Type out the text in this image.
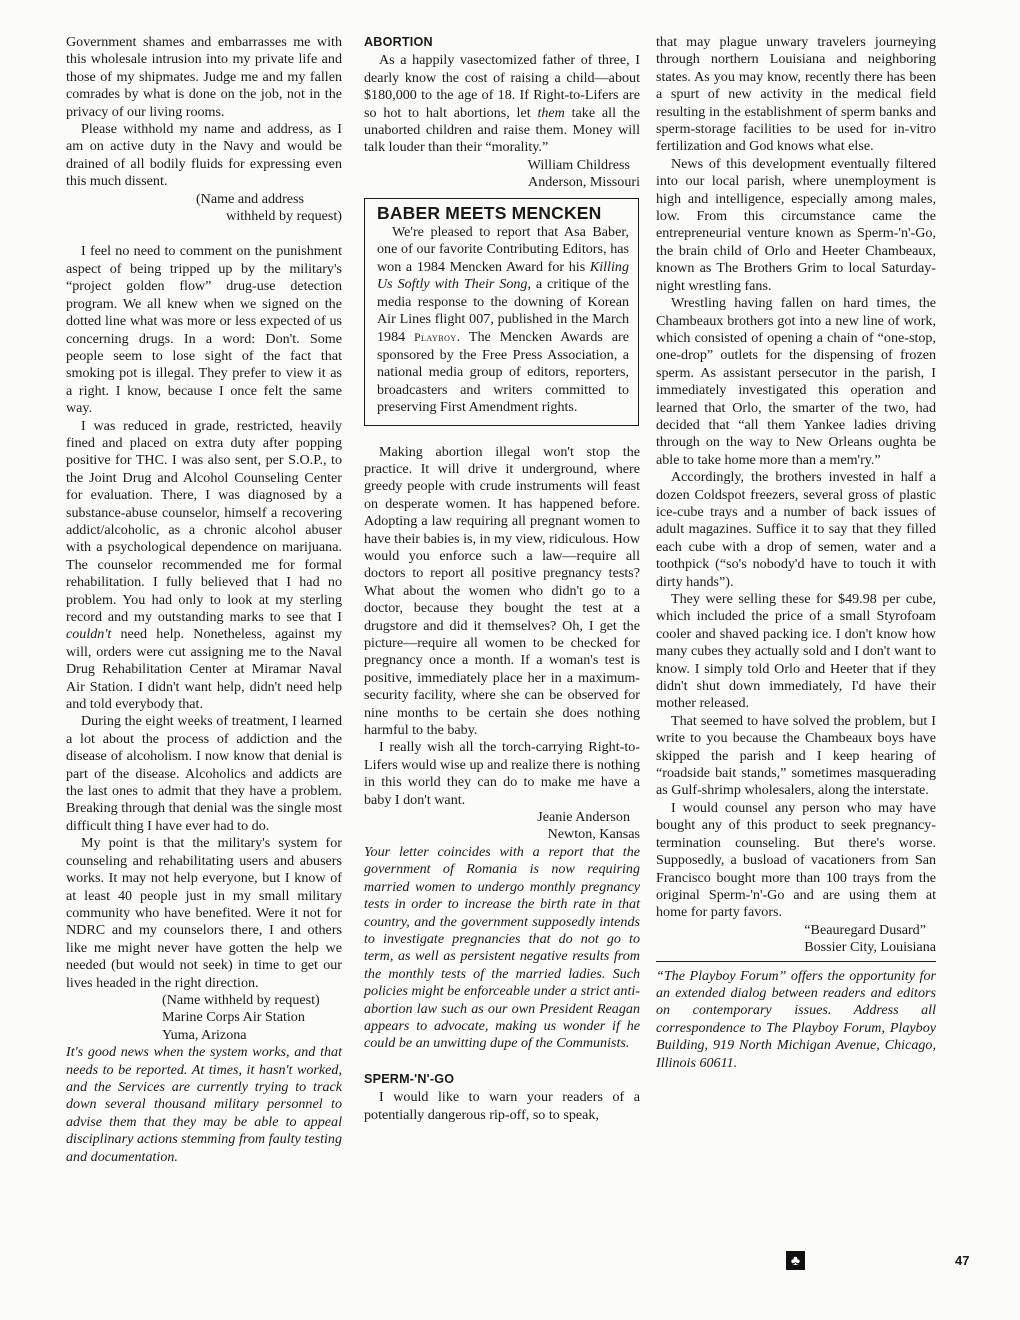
Government shames and embarrasses me with this wholesale intrusion into my private life and those of my shipmates. Judge me and my fallen comrades by what is done on the job, not in the privacy of our living rooms.

Please withhold my name and address, as I am on active duty in the Navy and would be drained of all bodily fluids for expressing even this much dissent.

(Name and address

withheld by request)

I feel no need to comment on the punishment aspect of being tripped up by the military's “project golden flow” drug-use detection program. We all knew when we signed on the dotted line what was more or less expected of us concerning drugs. In a word: Don't. Some people seem to lose sight of the fact that smoking pot is illegal. They prefer to view it as a right. I know, because I once felt the same way.

I was reduced in grade, restricted, heavily fined and placed on extra duty after popping positive for THC. I was also sent, per S.O.P., to the Joint Drug and Alcohol Counseling Center for evaluation. There, I was diagnosed by a substance-abuse counselor, himself a recovering addict/alcoholic, as a chronic alcohol abuser with a psychological dependence on marijuana. The counselor recommended me for formal rehabilitation. I fully believed that I had no problem. You had only to look at my sterling record and my outstanding marks to see that I couldn't need help. Nonetheless, against my will, orders were cut assigning me to the Naval Drug Rehabilitation Center at Miramar Naval Air Station. I didn't want help, didn't need help and told everybody that.

During the eight weeks of treatment, I learned a lot about the process of addiction and the disease of alcoholism. I now know that denial is part of the disease. Alcoholics and addicts are the last ones to admit that they have a problem. Breaking through that denial was the single most difficult thing I have ever had to do.

My point is that the military's system for counseling and rehabilitating users and abusers works. It may not help everyone, but I know of at least 40 people just in my small military community who have benefited. Were it not for NDRC and my counselors there, I and others like me might never have gotten the help we needed (but would not seek) in time to get our lives headed in the right direction.

(Name withheld by request)

Marine Corps Air Station

Yuma, Arizona

It's good news when the system works, and that needs to be reported. At times, it hasn't worked, and the Services are currently trying to track down several thousand military personnel to advise them that they may be able to appeal disciplinary actions stemming from faulty testing and documentation.

ABORTION

As a happily vasectomized father of three, I dearly know the cost of raising a child—about $180,000 to the age of 18. If Right-to-Lifers are so hot to halt abortions, let them take all the unaborted children and raise them. Money will talk louder than their “morality.”

William Childress

Anderson, Missouri

BABER MEETS MENCKEN

We're pleased to report that Asa Baber, one of our favorite Contributing Editors, has won a 1984 Mencken Award for his Killing Us Softly with Their Song, a critique of the media response to the downing of Korean Air Lines flight 007, published in the March 1984 Playboy. The Mencken Awards are sponsored by the Free Press Association, a national media group of editors, reporters, broadcasters and writers committed to preserving First Amendment rights.

Making abortion illegal won't stop the practice. It will drive it underground, where greedy people with crude instruments will feast on desperate women. It has happened before. Adopting a law requiring all pregnant women to have their babies is, in my view, ridiculous. How would you enforce such a law—require all doctors to report all positive pregnancy tests? What about the women who didn't go to a doctor, because they bought the test at a drugstore and did it themselves? Oh, I get the picture—require all women to be checked for pregnancy once a month. If a woman's test is positive, immediately place her in a maximum-security facility, where she can be observed for nine months to be certain she does nothing harmful to the baby.

I really wish all the torch-carrying Right-to-Lifers would wise up and realize there is nothing in this world they can do to make me have a baby I don't want.

Jeanie Anderson

Newton, Kansas

Your letter coincides with a report that the government of Romania is now requiring married women to undergo monthly pregnancy tests in order to increase the birth rate in that country, and the government supposedly intends to investigate pregnancies that do not go to term, as well as persistent negative results from the monthly tests of the married ladies. Such policies might be enforceable under a strict anti-abortion law such as our own President Reagan appears to advocate, making us wonder if he could be an unwitting dupe of the Communists.

SPERM-'N'-GO

I would like to warn your readers of a potentially dangerous rip-off, so to speak,

that may plague unwary travelers journeying through northern Louisiana and neighboring states. As you may know, recently there has been a spurt of new activity in the medical field resulting in the establishment of sperm banks and sperm-storage facilities to be used for in-vitro fertilization and God knows what else.

News of this development eventually filtered into our local parish, where unemployment is high and intelligence, especially among males, low. From this circumstance came the entrepreneurial venture known as Sperm-'n'-Go, the brain child of Orlo and Heeter Chambeaux, known as The Brothers Grim to local Saturday-night wrestling fans.

Wrestling having fallen on hard times, the Chambeaux brothers got into a new line of work, which consisted of opening a chain of “one-stop, one-drop” outlets for the dispensing of frozen sperm. As assistant persecutor in the parish, I immediately investigated this operation and learned that Orlo, the smarter of the two, had decided that “all them Yankee ladies driving through on the way to New Orleans oughta be able to take home more than a mem'ry.”

Accordingly, the brothers invested in half a dozen Coldspot freezers, several gross of plastic ice-cube trays and a number of back issues of adult magazines. Suffice it to say that they filled each cube with a drop of semen, water and a toothpick (“so's nobody'd have to touch it with dirty hands”).

They were selling these for $49.98 per cube, which included the price of a small Styrofoam cooler and shaved packing ice. I don't know how many cubes they actually sold and I don't want to know. I simply told Orlo and Heeter that if they didn't shut down immediately, I'd have their mother released.

That seemed to have solved the problem, but I write to you because the Chambeaux boys have skipped the parish and I keep hearing of “roadside bait stands,” sometimes masquerading as Gulf-shrimp wholesalers, along the interstate.

I would counsel any person who may have bought any of this product to seek pregnancy-termination counseling. But there's worse. Supposedly, a busload of vacationers from San Francisco bought more than 100 trays from the original Sperm-'n'-Go and are using them at home for party favors.

“Beauregard Dusard”

Bossier City, Louisiana

“The Playboy Forum” offers the opportunity for an extended dialog between readers and editors on contemporary issues. Address all correspondence to The Playboy Forum, Playboy Building, 919 North Michigan Avenue, Chicago, Illinois 60611.

♣	47
